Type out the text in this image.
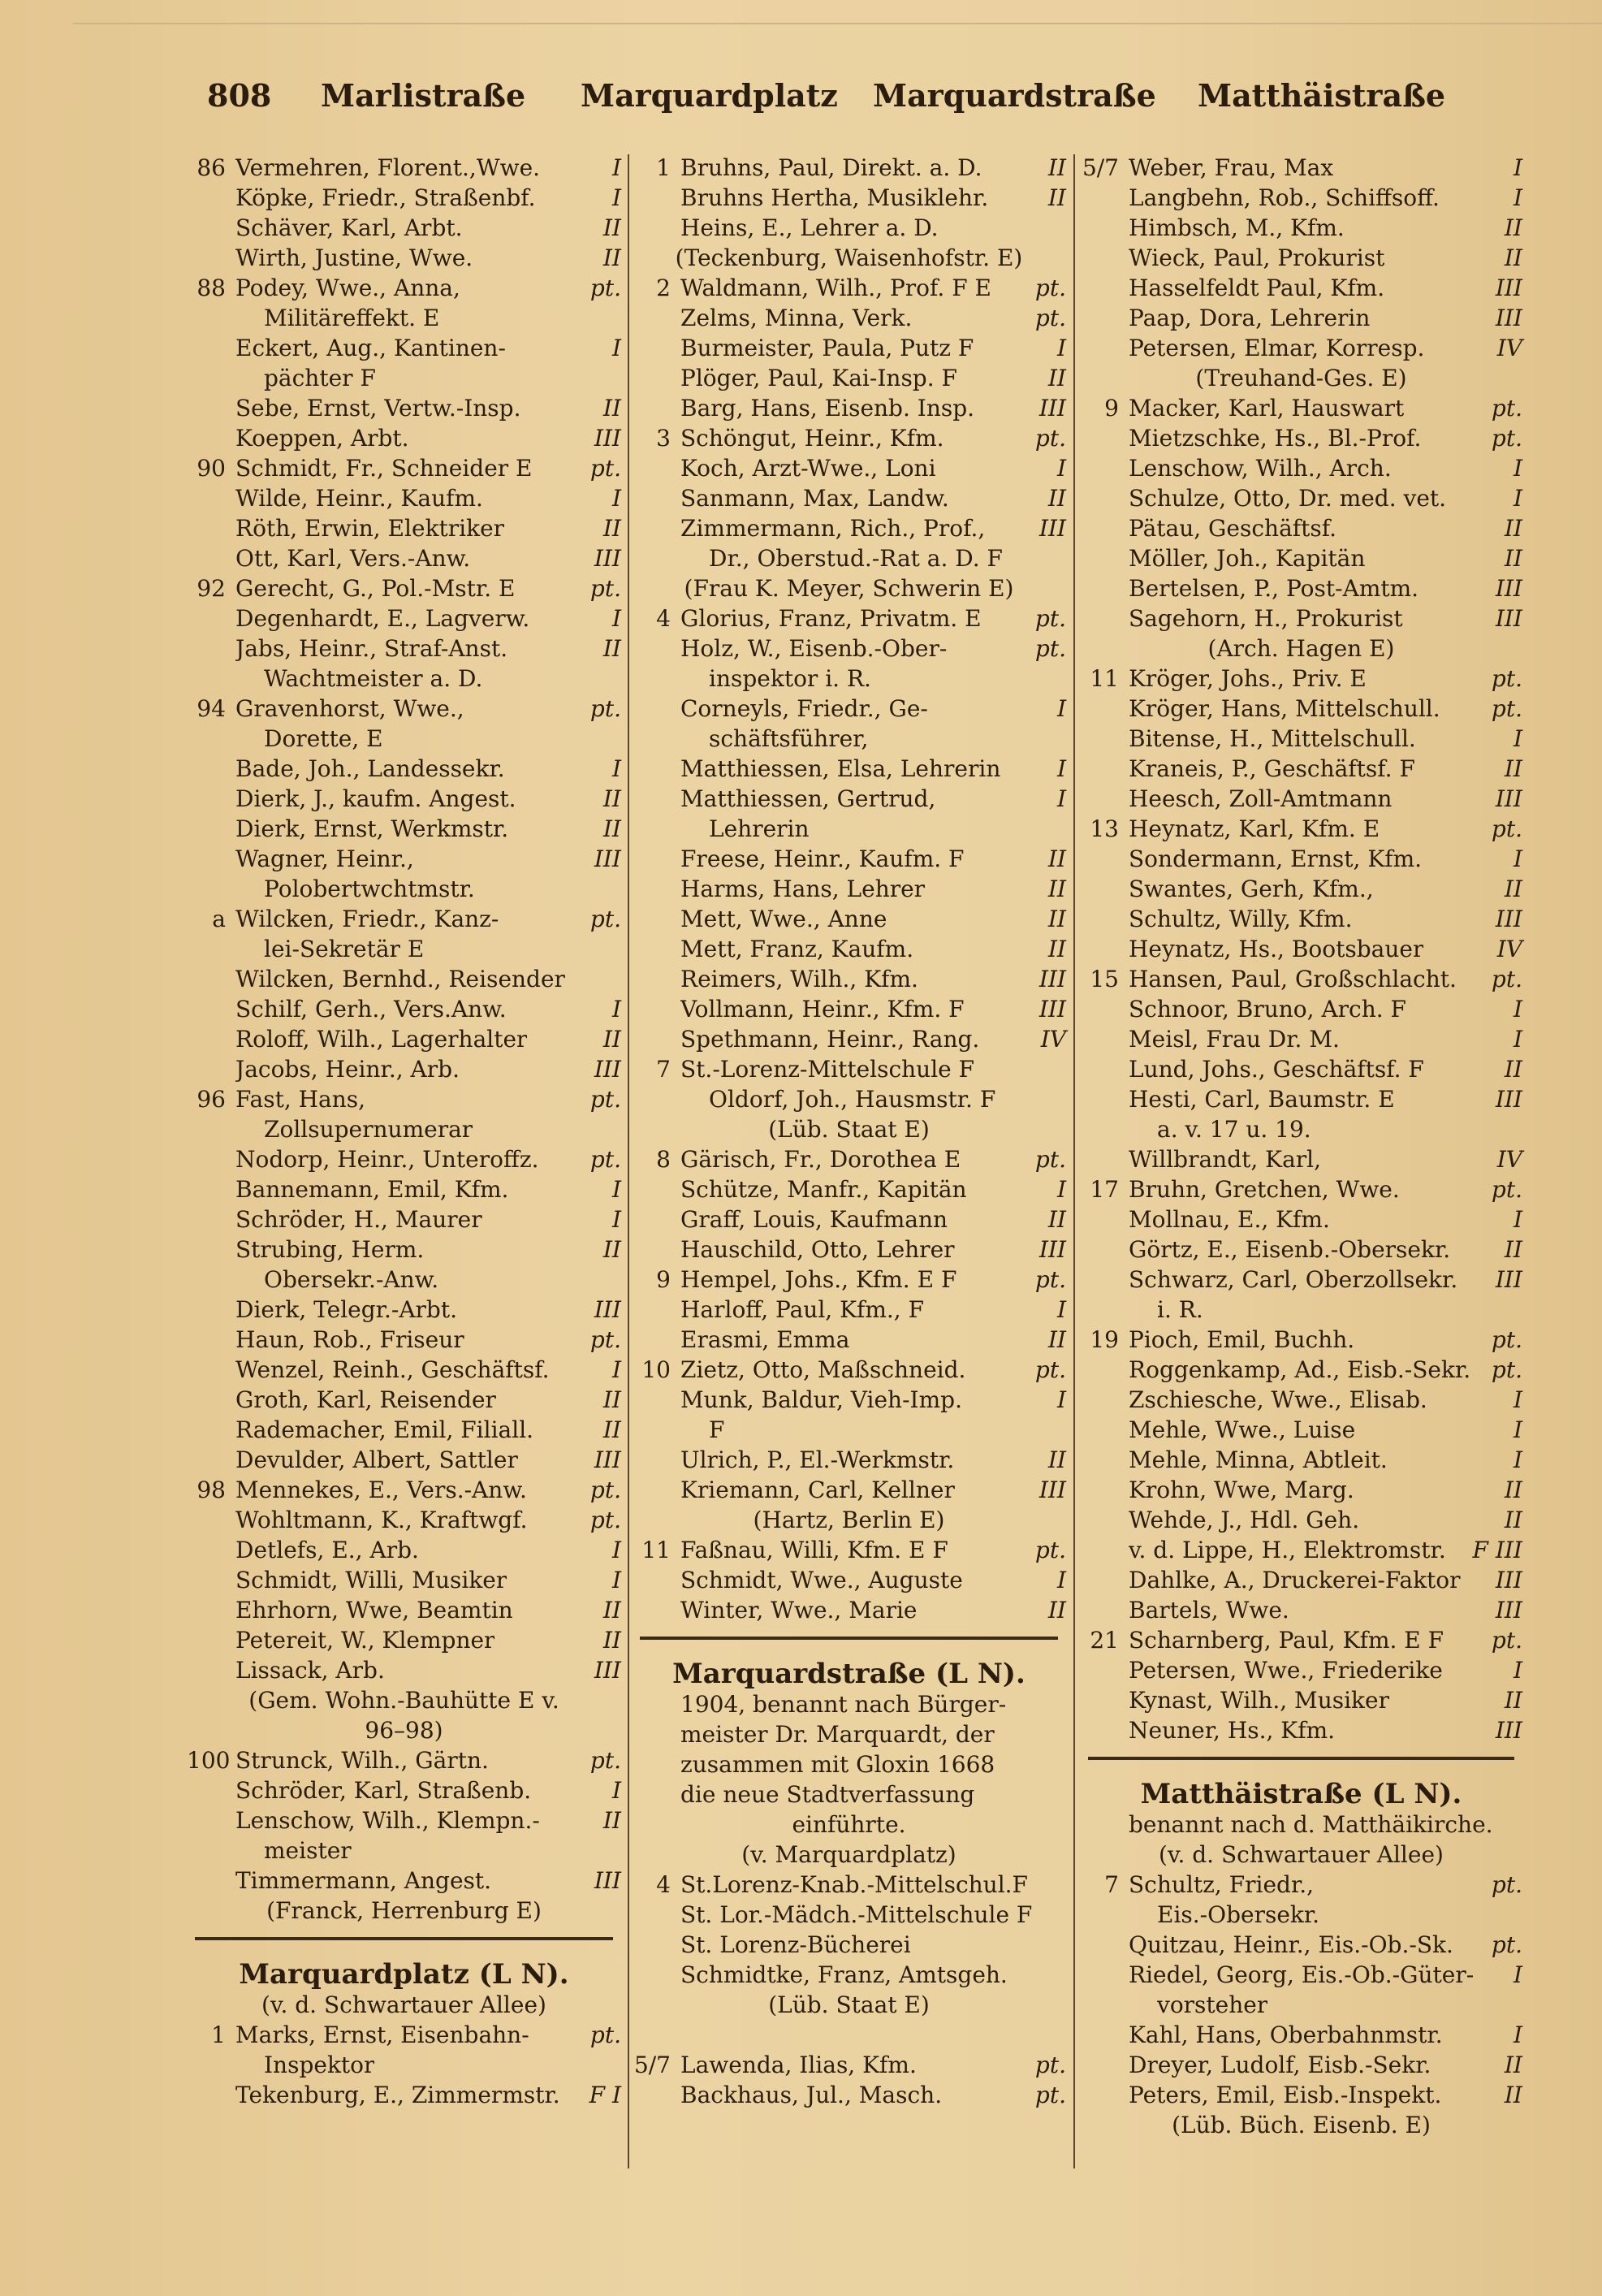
808 Marlistraße Marquardplatz Marquardstraße Matthäistraße
86 Vermehren, Florent.,Wwe.	I
Köpke, Friedr., Straßenbf.	I
Schäver, Karl, Arbt.	II
Wirth, Justine, Wwe.	II
88 Podey, Wwe., Anna,	pt.
Militäreffekt. E
Eckert, Aug., Kantinen-	I
pächter F
Sebe, Ernst, Vertw.-Insp.	II
Koeppen, Arbt.	III
90 Schmidt, Fr., Schneider E	pt.
Wilde, Heinr., Kaufm.	I
Röth, Erwin, Elektriker	II
Ott, Karl, Vers.-Anw.	III
92 Gerecht, G., Pol.-Mstr. E	pt.
Degenhardt, E., Lagverw.	I
Jabs, Heinr., Straf-Anst.	II
Wachtmeister a. D.
94 Gravenhorst, Wwe.,	pt.
Dorette, E
Bade, Joh., Landessekr.	I
Dierk, J., kaufm. Angest.	II
Dierk, Ernst, Werkmstr.	II
Wagner, Heinr.,	III
Polobertwchtmstr.
a Wilcken, Friedr., Kanz-	pt.
lei-Sekretär E
Wilcken, Bernhd., Reisender
Schilf, Gerh., Vers.Anw.	I
Roloff, Wilh., Lagerhalter	II
Jacobs, Heinr., Arb.	III
96 Fast, Hans,	pt.
Zollsupernumerar
Nodorp, Heinr., Unteroffz. pt.
Bannemann, Emil, Kfm.	I
Schröder, H., Maurer	I
Strubing, Herm.	II
Obersekr.-Anw.
Dierk, Telegr.-Arbt.	III
Haun, Rob., Friseur	pt.
Wenzel, Reinh., Geschäftsf.	I
Groth, Karl, Reisender	II
Rademacher, Emil, Filiall.	II
Devulder, Albert, Sattler	III
98 Mennekes, E., Vers.-Anw.	pt.
Wohltmann, K., Kraftwgf.	pt.
Detlefs, E., Arb.	I
Schmidt, Willi, Musiker	I
Ehrhorn, Wwe, Beamtin	II
Petereit, W., Klempner	II
Lissack, Arb.	III
(Gem. Wohn.-Bauhütte E v.
96–98)
100 Strunck, Wilh., Gärtn.	pt.
Schröder, Karl, Straßenb.	I
Lenschow, Wilh., Klempn.-	II
meister
Timmermann, Angest.	III
(Franck, Herrenburg E)
Marquardplatz (L N).
(v. d. Schwartauer Allee)
1 Marks, Ernst, Eisenbahn-	pt.
Inspektor
Tekenburg, E., Zimmermstr. F I
1 Bruhns, Paul, Direkt. a. D.	II
Bruhns Hertha, Musiklehr.	II
Heins, E., Lehrer a. D.
(Teckenburg, Waisenhofstr. E)
2 Waldmann, Wilh., Prof. F E pt.
Zelms, Minna, Verk.	pt.
Burmeister, Paula, Putz F	I
Plöger, Paul, Kai-Insp. F	II
Barg, Hans, Eisenb. Insp.	III
3 Schöngut, Heinr., Kfm.	pt.
Koch, Arzt-Wwe., Loni	I
Sanmann, Max, Landw.	II
Zimmermann, Rich., Prof., III
Dr., Oberstud.-Rat a. D. F
(Frau K. Meyer, Schwerin E)
4 Glorius, Franz, Privatm. E pt.
Holz, W., Eisenb.-Ober-	pt.
inspektor i. R.
Corneyls, Friedr., Ge-	I
schäftsführer,
Matthiessen, Elsa, Lehrerin I
Matthiessen, Gertrud,	I
Lehrerin
Freese, Heinr., Kaufm. F	II
Harms, Hans, Lehrer	II
Mett, Wwe., Anne	II
Mett, Franz, Kaufm.	II
Reimers, Wilh., Kfm.	III
Vollmann, Heinr., Kfm. F	III
Spethmann, Heinr., Rang.	IV
7 St.-Lorenz-Mittelschule F
Oldorf, Joh., Hausmstr. F
(Lüb. Staat E)
8 Gärisch, Fr., Dorothea E	pt.
Schütze, Manfr., Kapitän	I
Graff, Louis, Kaufmann	II
Hauschild, Otto, Lehrer	III
9 Hempel, Johs., Kfm. E F	pt.
Harloff, Paul, Kfm., F	I
Erasmi, Emma	II
10 Zietz, Otto, Maßschneid.	pt.
Munk, Baldur, Vieh-Imp.	I
F
Ulrich, P., El.-Werkmstr.	II
Kriemann, Carl, Kellner	III
(Hartz, Berlin E)
11 Faßnau, Willi, Kfm. E F	pt.
Schmidt, Wwe., Auguste	I
Winter, Wwe., Marie	II
Marquardstraße (L N).
1904, benannt nach Bürger-
meister Dr. Marquardt, der
zusammen mit Gloxin 1668
die neue Stadtverfassung
einführte.
(v. Marquardplatz)
4 St.Lorenz-Knab.-Mittelschul.F
St. Lor.-Mädch.-Mittelschule F
St. Lorenz-Bücherei
Schmidtke, Franz, Amtsgeh.
(Lüb. Staat E)
5/7 Lawenda, Ilias, Kfm.	pt.
Backhaus, Jul., Masch.	pt.
5/7 Weber, Frau, Max	I
Langbehn, Rob., Schiffsoff.	I
Himbsch, M., Kfm.	II
Wieck, Paul, Prokurist	II
Hasselfeldt Paul, Kfm.	III
Paap, Dora, Lehrerin	III
Petersen, Elmar, Korresp.	IV
(Treuhand-Ges. E)
9 Macker, Karl, Hauswart	pt.
Mietzschke, Hs., Bl.-Prof.	pt.
Lenschow, Wilh., Arch.	I
Schulze, Otto, Dr. med. vet.	I
Pätau, Geschäftsf.	II
Möller, Joh., Kapitän	II
Bertelsen, P., Post-Amtm.	III
Sagehorn, H., Prokurist	III
(Arch. Hagen E)
11 Kröger, Johs., Priv. E	pt.
Kröger, Hans, Mittelschull. pt.
Bitense, H., Mittelschull.	I
Kraneis, P., Geschäftsf. F	II
Heesch, Zoll-Amtmann	III
13 Heynatz, Karl, Kfm. E	pt.
Sondermann, Ernst, Kfm.	I
Swantes, Gerh, Kfm.,	II
Schultz, Willy, Kfm.	III
Heynatz, Hs., Bootsbauer	IV
15 Hansen, Paul, Großschlacht. pt.
Schnoor, Bruno, Arch. F	I
Meisl, Frau Dr. M.	I
Lund, Johs., Geschäftsf. F	II
Hesti, Carl, Baumstr. E	III
a. v. 17 u. 19.
Willbrandt, Karl,	IV
17 Bruhn, Gretchen, Wwe.	pt.
Mollnau, E., Kfm.	I
Görtz, E., Eisenb.-Obersekr. II
Schwarz, Carl, Oberzollsekr. III
i. R.
19 Pioch, Emil, Buchh.	pt.
Roggenkamp, Ad., Eisb.-Sekr. pt.
Zschiesche, Wwe., Elisab.	I
Mehle, Wwe., Luise	I
Mehle, Minna, Abtleit.	I
Krohn, Wwe, Marg.	II
Wehde, J., Hdl. Geh.	II
v. d. Lippe, H., Elektromstr. F III
Dahlke, A., Druckerei-Faktor III
Bartels, Wwe.	III
21 Scharnberg, Paul, Kfm. E F pt.
Petersen, Wwe., Friederike	I
Kynast, Wilh., Musiker	II
Neuner, Hs., Kfm.	III
Matthäistraße (L N).
benannt nach d. Matthäikirche.
(v. d. Schwartauer Allee)
7 Schultz, Friedr.,	pt.
Eis.-Obersekr.
Quitzau, Heinr., Eis.-Ob.-Sk. pt.
Riedel, Georg, Eis.-Ob.-Güter- I
vorsteher
Kahl, Hans, Oberbahnmstr.	I
Dreyer, Ludolf, Eisb.-Sekr.	II
Peters, Emil, Eisb.-Inspekt.	II
(Lüb. Büch. Eisenb. E)
